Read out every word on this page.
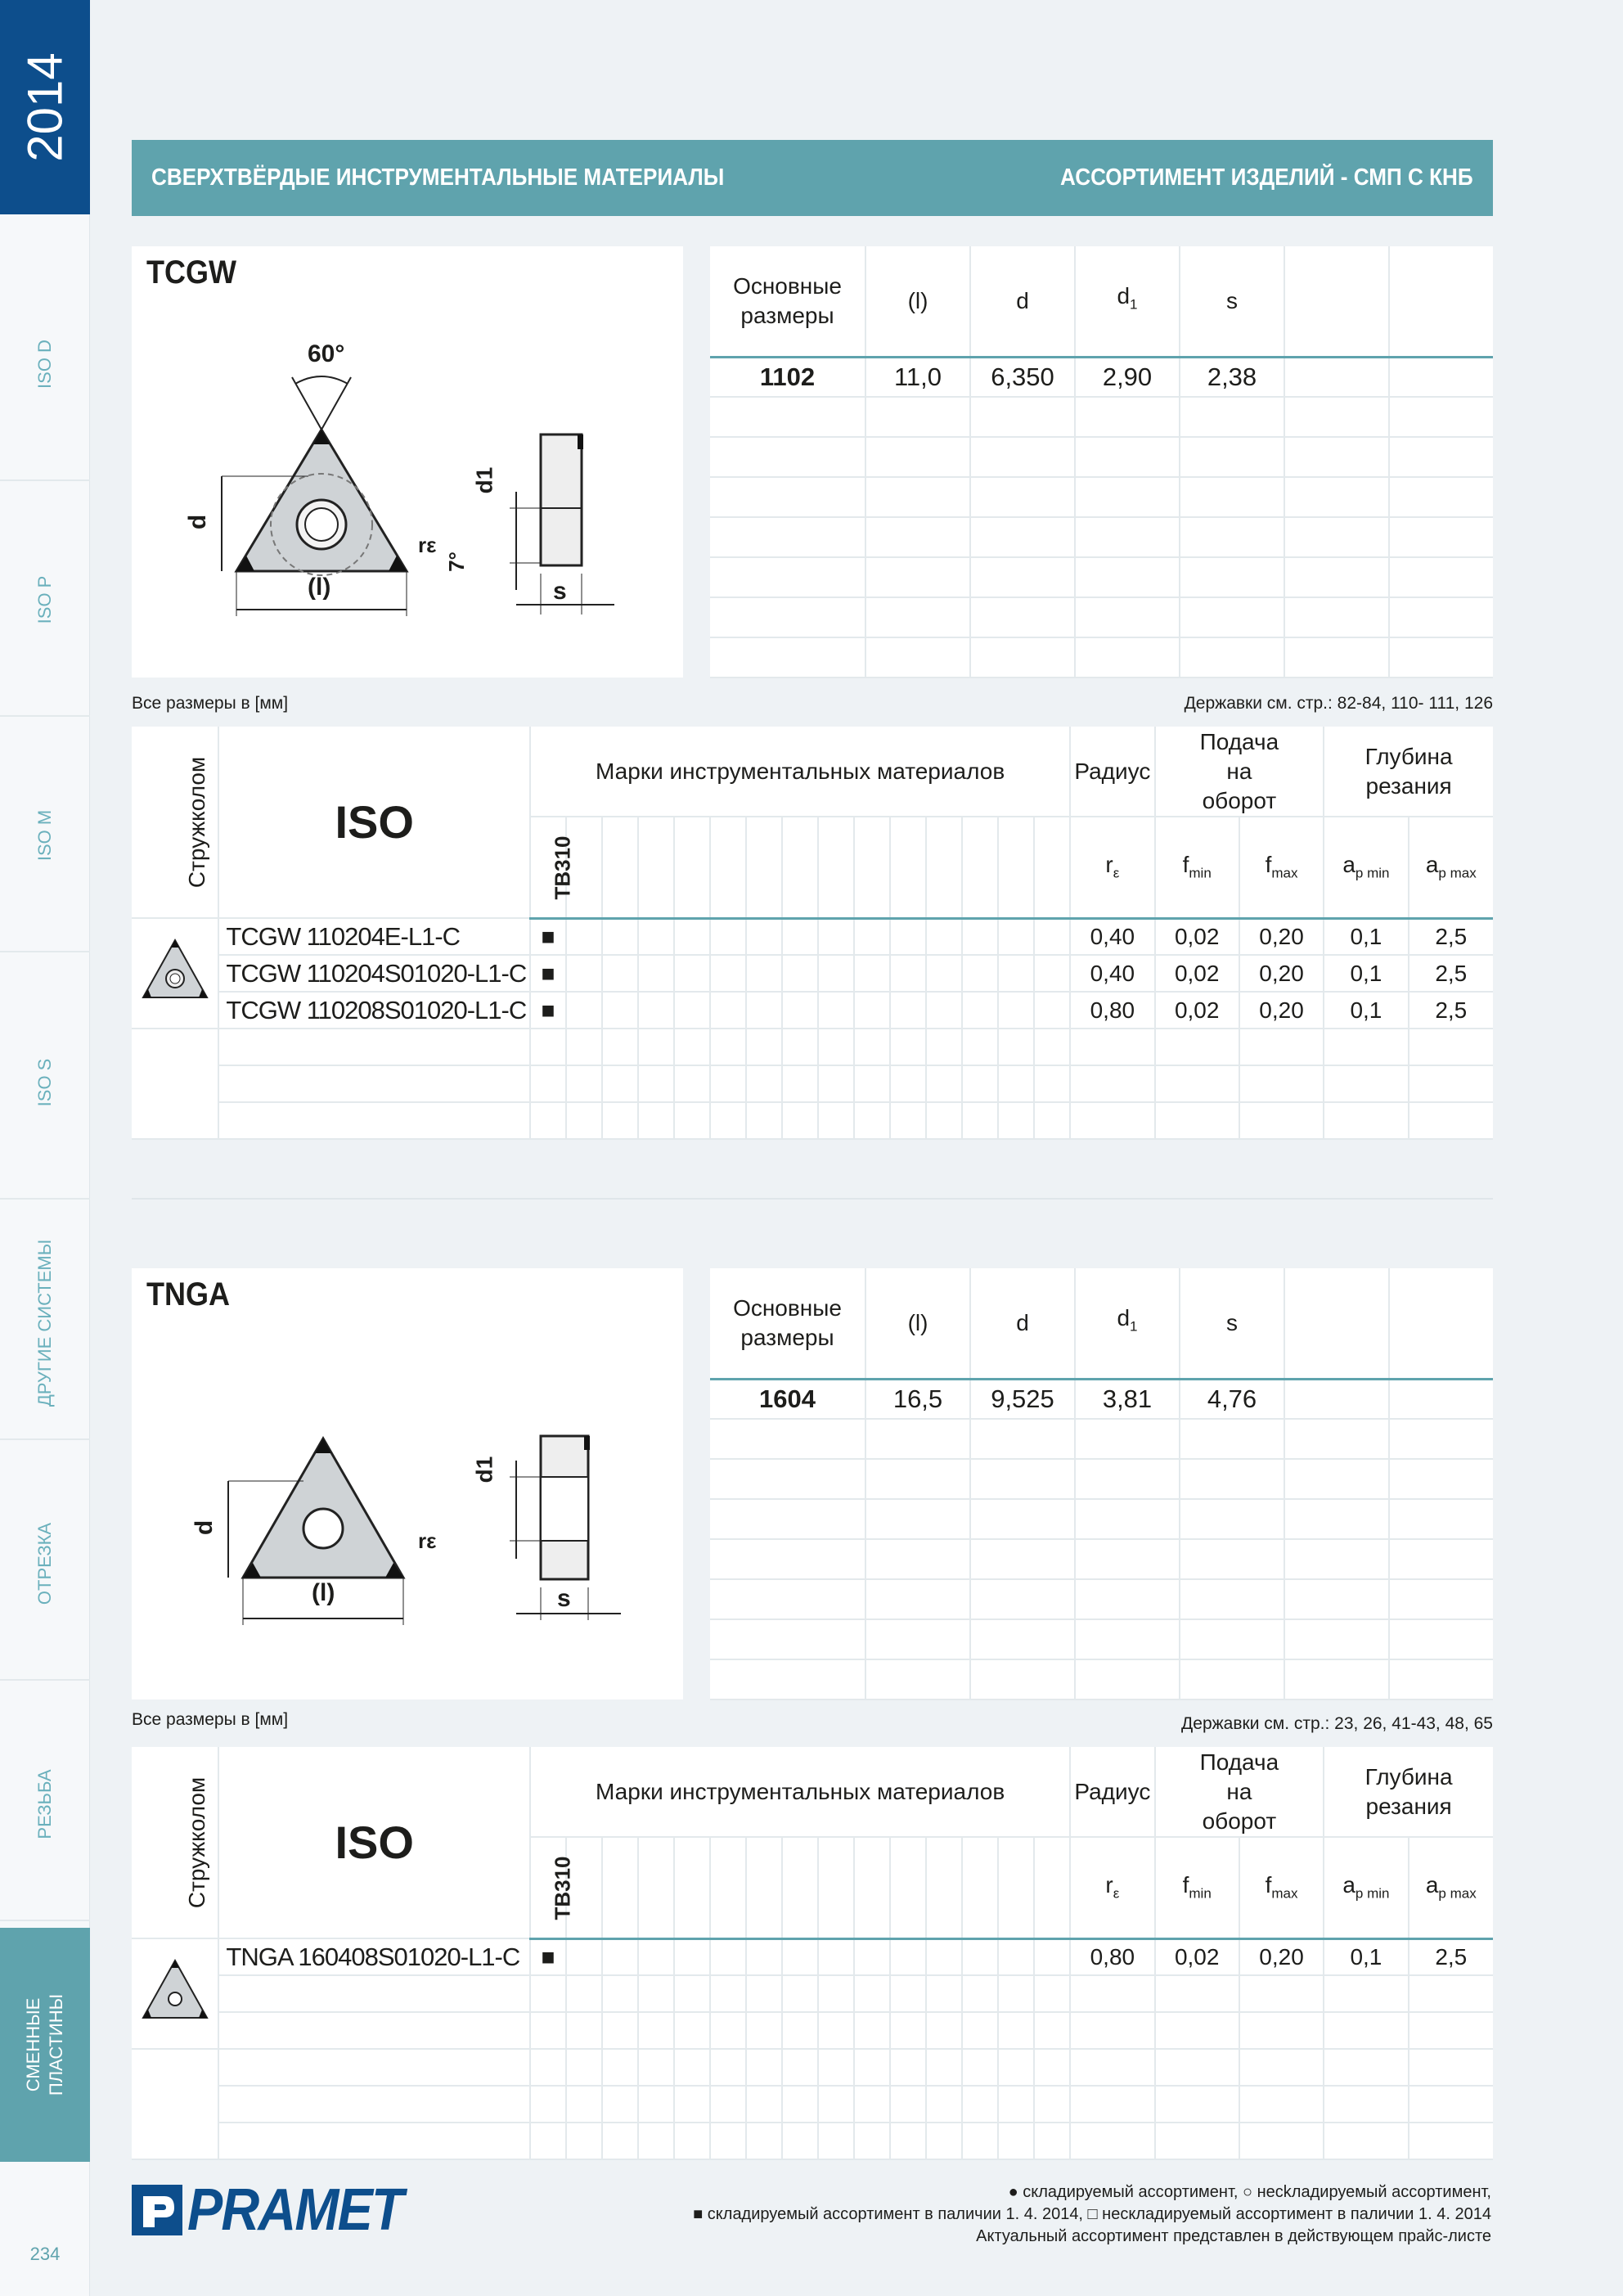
2014
ISO D
ISO P
ISO M
ISO S
ДРУГИЕ СИСТЕМЫ
ОТРЕЗКА
РЕЗЬБА
СМЕННЫЕ ПЛАСТИНЫ
234
СВЕРХТВЁРДЫЕ ИНСТРУМЕНТАЛЬНЫЕ МАТЕРИАЛЫ	АССОРТИМЕНТ ИЗДЕЛИЙ - СМП С КНБ
TCGW
60°
d
(l)
rε
d1
7°
s
Основные размеры	(l)	d	$d_1$	s		
1102	11,0	6,350	2,90	2,38		

Все размеры в [мм]	Державки см. стр.: 82-84, 110- 111, 126
Стружколом	ISO	Марки инструментальных материалов															Радиус	Подача на оборот		Глубина резания	
		TB310															$r_\varepsilon$	$f_{min}$	$f_{max}$	$a_{p min}$	$a_{p max}$
	TCGW 110204E-L1-C	■															0,40	0,02	0,20	0,1	2,5
	TCGW 110204S01020-L1-C	■															0,40	0,02	0,20	0,1	2,5
	TCGW 110208S01020-L1-C	■															0,80	0,02	0,20	0,1	2,5

TNGA
d
(l)
rε
d1
s
Основные размеры	(l)	d	$d_1$	s		
1604	16,5	9,525	3,81	4,76		

Все размеры в [мм]	Державки см. стр.: 23, 26, 41-43, 48, 65
Стружколом	ISO	Марки инструментальных материалов															Радиус	Подача на оборот		Глубина резания	
		TB310															$r_\varepsilon$	$f_{min}$	$f_{max}$	$a_{p min}$	$a_{p max}$
	TNGA 160408S01020-L1-C	■															0,80	0,02	0,20	0,1	2,5

PRAMET	● складируемый ассортимент, ○ несkладируемый ассортимент,
■ складируемый ассортимент в паличии 1. 4. 2014, □ нескладируемый ассортимент в паличии 1. 4. 2014
Актуальный ассортимент представлен в действующем прайс-листе
